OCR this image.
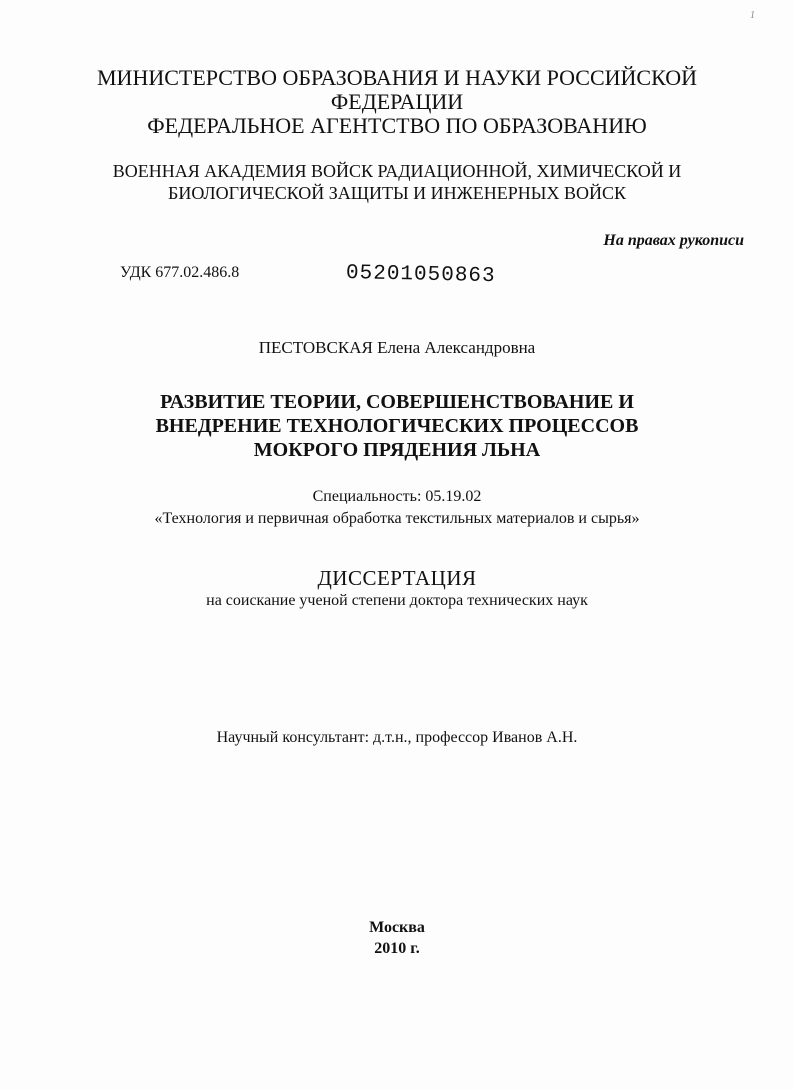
1
МИНИСТЕРСТВО ОБРАЗОВАНИЯ И НАУКИ РОССИЙСКОЙ
ФЕДЕРАЦИИ
ФЕДЕРАЛЬНОЕ АГЕНТСТВО ПО ОБРАЗОВАНИЮ
ВОЕННАЯ АКАДЕМИЯ ВОЙСК РАДИАЦИОННОЙ, ХИМИЧЕСКОЙ И
БИОЛОГИЧЕСКОЙ ЗАЩИТЫ И ИНЖЕНЕРНЫХ ВОЙСК
На правах рукописи
УДК 677.02.486.8	05201050863
ПЕСТОВСКАЯ Елена Александровна
РАЗВИТИЕ ТЕОРИИ, СОВЕРШЕНСТВОВАНИЕ И
ВНЕДРЕНИЕ ТЕХНОЛОГИЧЕСКИХ ПРОЦЕССОВ
МОКРОГО ПРЯДЕНИЯ ЛЬНА
Специальность: 05.19.02
«Технология и первичная обработка текстильных материалов и сырья»
ДИССЕРТАЦИЯ
на соискание ученой степени доктора технических наук
Научный консультант: д.т.н., профессор Иванов А.Н.
Москва
2010 г.
